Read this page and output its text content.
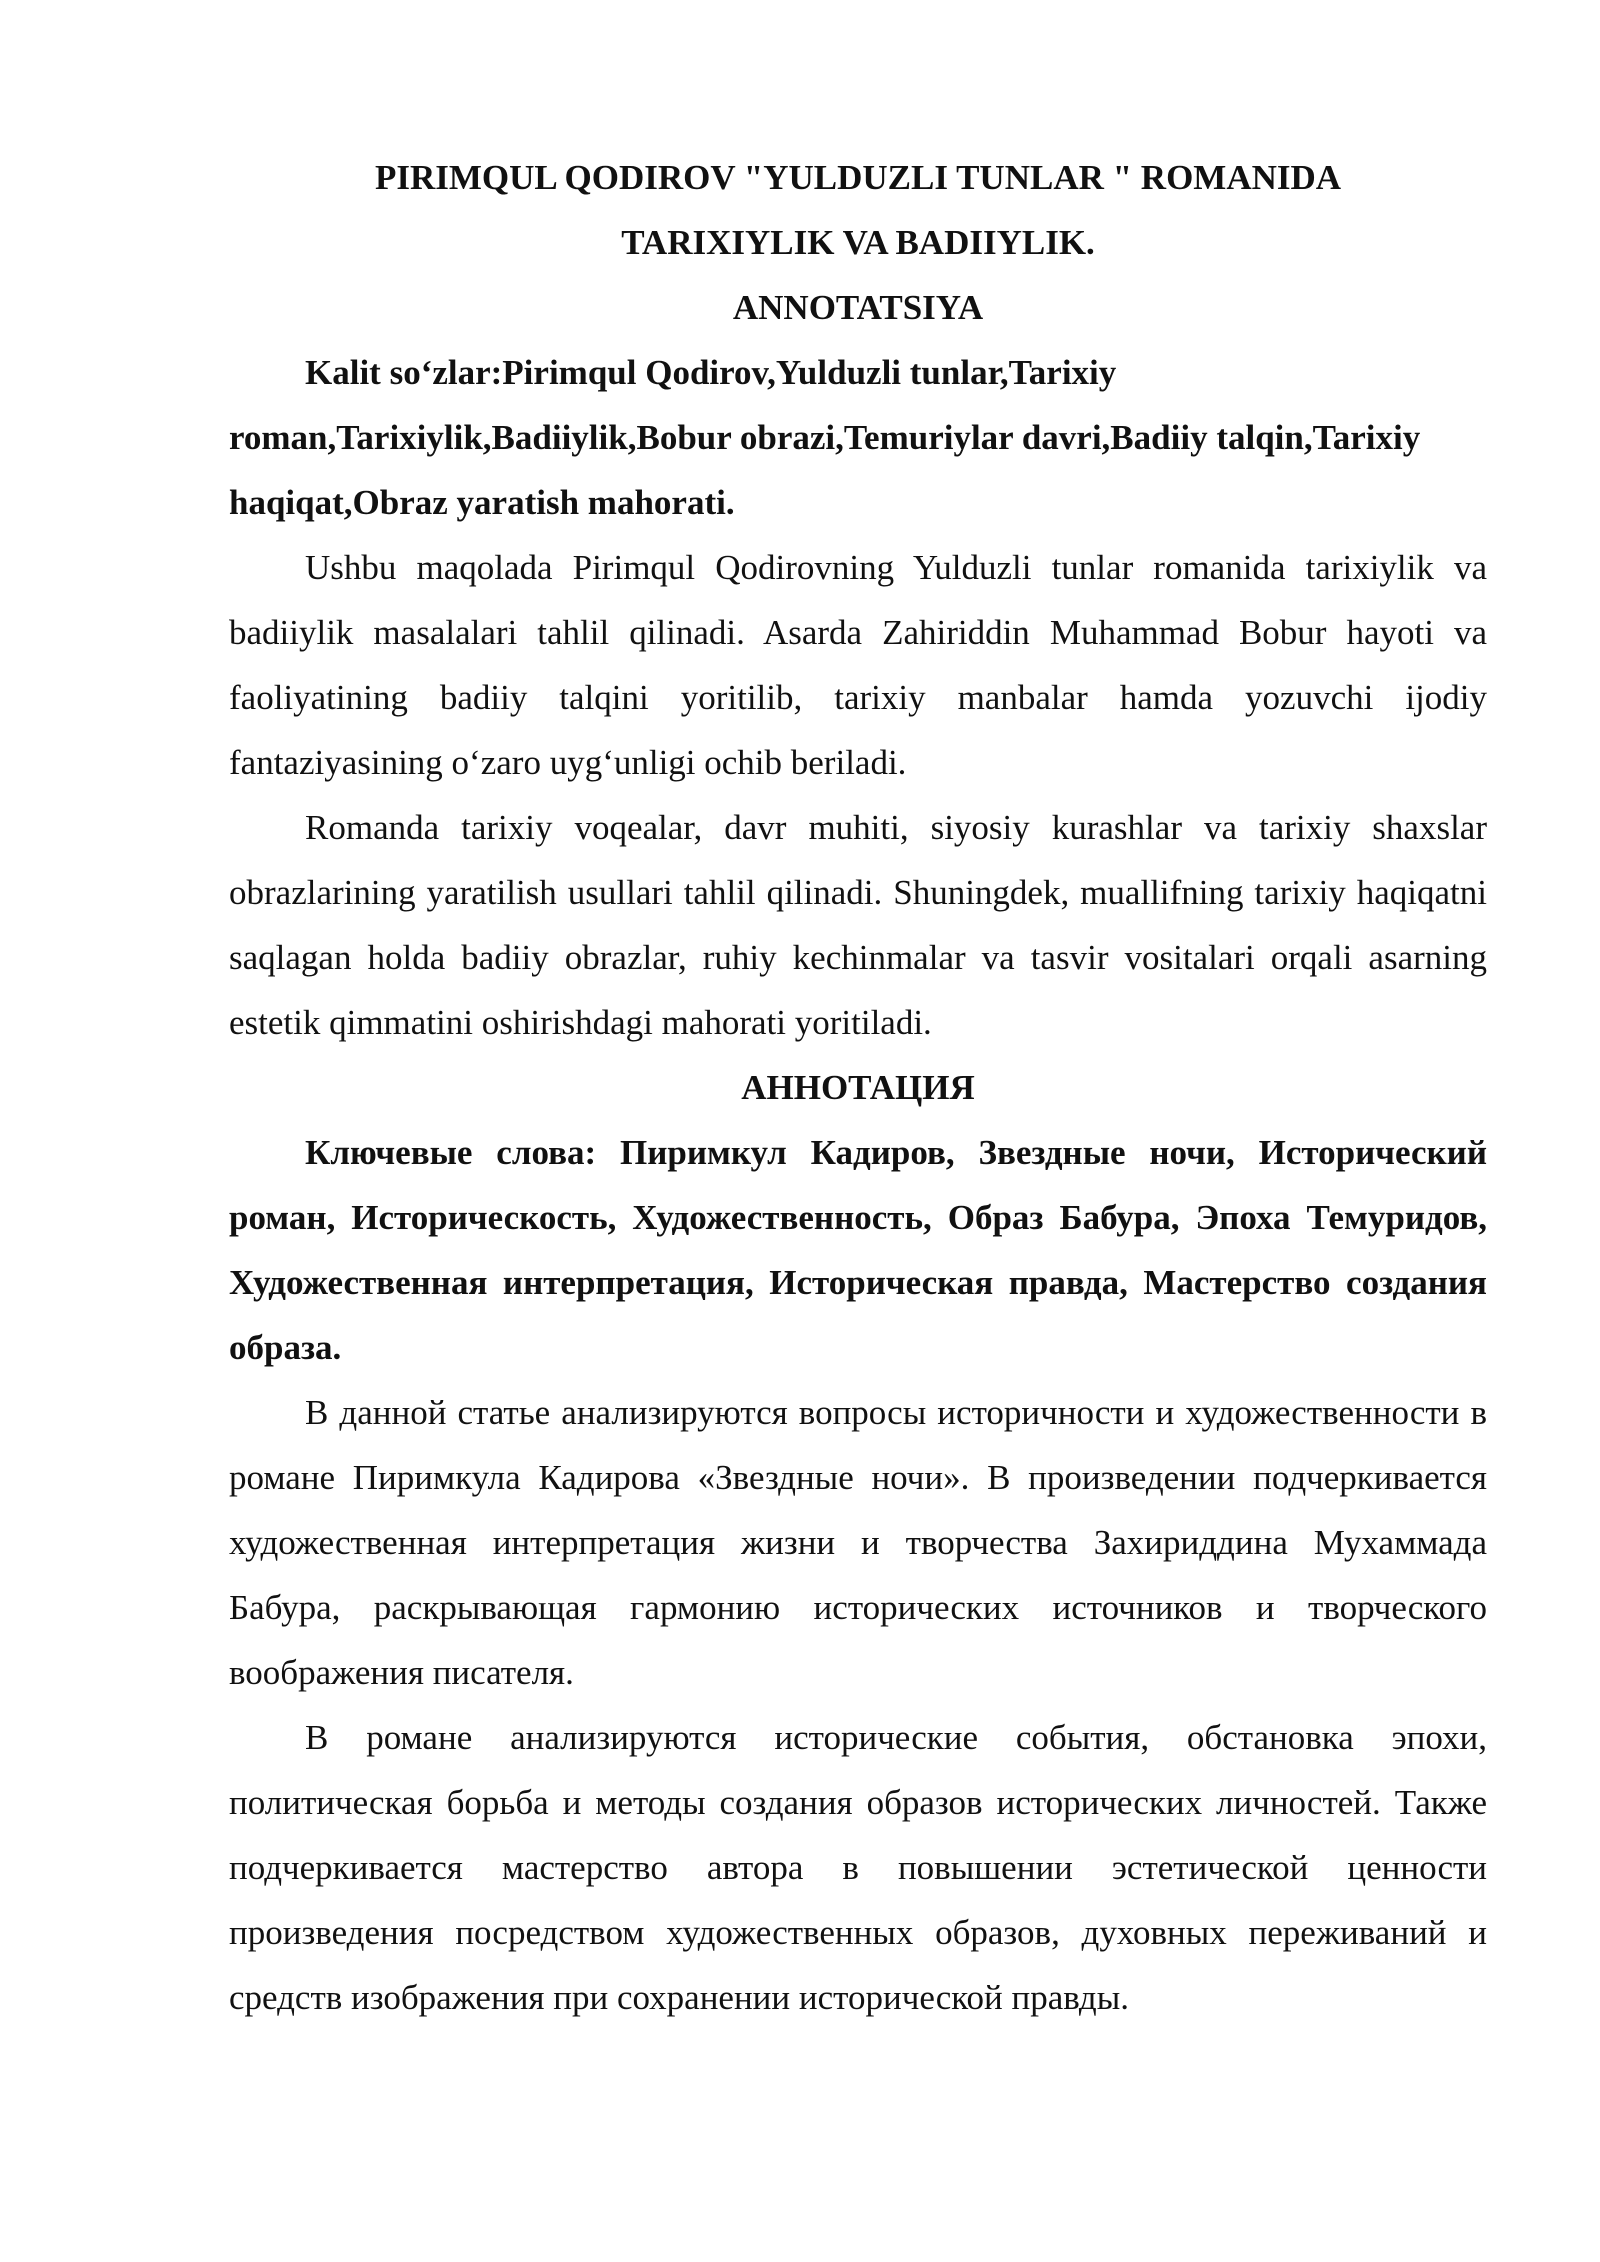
PIRIMQUL QODIROV "YULDUZLI TUNLAR " ROMANIDA

TARIXIYLIK VA BADIIYLIK.

ANNOTATSIYA

Kalit so‘zlar:Pirimqul Qodirov,Yulduzli tunlar,Tarixiy roman,Tarixiylik,Badiiylik,Bobur obrazi,Temuriylar davri,Badiiy talqin,Tarixiy haqiqat,Obraz yaratish mahorati.

Ushbu maqolada Pirimqul Qodirovning Yulduzli tunlar romanida tarixiylik va badiiylik masalalari tahlil qilinadi. Asarda Zahiriddin Muhammad Bobur hayoti va faoliyatining badiiy talqini yoritilib, tarixiy manbalar hamda yozuvchi ijodiy fantaziyasining o‘zaro uyg‘unligi ochib beriladi.

Romanda tarixiy voqealar, davr muhiti, siyosiy kurashlar va tarixiy shaxslar obrazlarining yaratilish usullari tahlil qilinadi. Shuningdek, muallifning tarixiy haqiqatni saqlagan holda badiiy obrazlar, ruhiy kechinmalar va tasvir vositalari orqali asarning estetik qimmatini oshirishdagi mahorati yoritiladi.

АННОТАЦИЯ

Ключевые слова: Пиримкул Кадиров, Звездные ночи, Исторический роман, Историческость, Художественность, Образ Бабура, Эпоха Темуридов, Художественная интерпретация, Историческая правда, Мастерство создания образа.

В данной статье анализируются вопросы историчности и художественности в романе Пиримкула Кадирова «Звездные ночи». В произведении подчеркивается художественная интерпретация жизни и творчества Захириддина Мухаммада Бабура, раскрывающая гармонию исторических источников и творческого воображения писателя.

В романе анализируются исторические события, обстановка эпохи, политическая борьба и методы создания образов исторических личностей. Также подчеркивается мастерство автора в повышении эстетической ценности произведения посредством художественных образов, духовных переживаний и средств изображения при сохранении исторической правды.
